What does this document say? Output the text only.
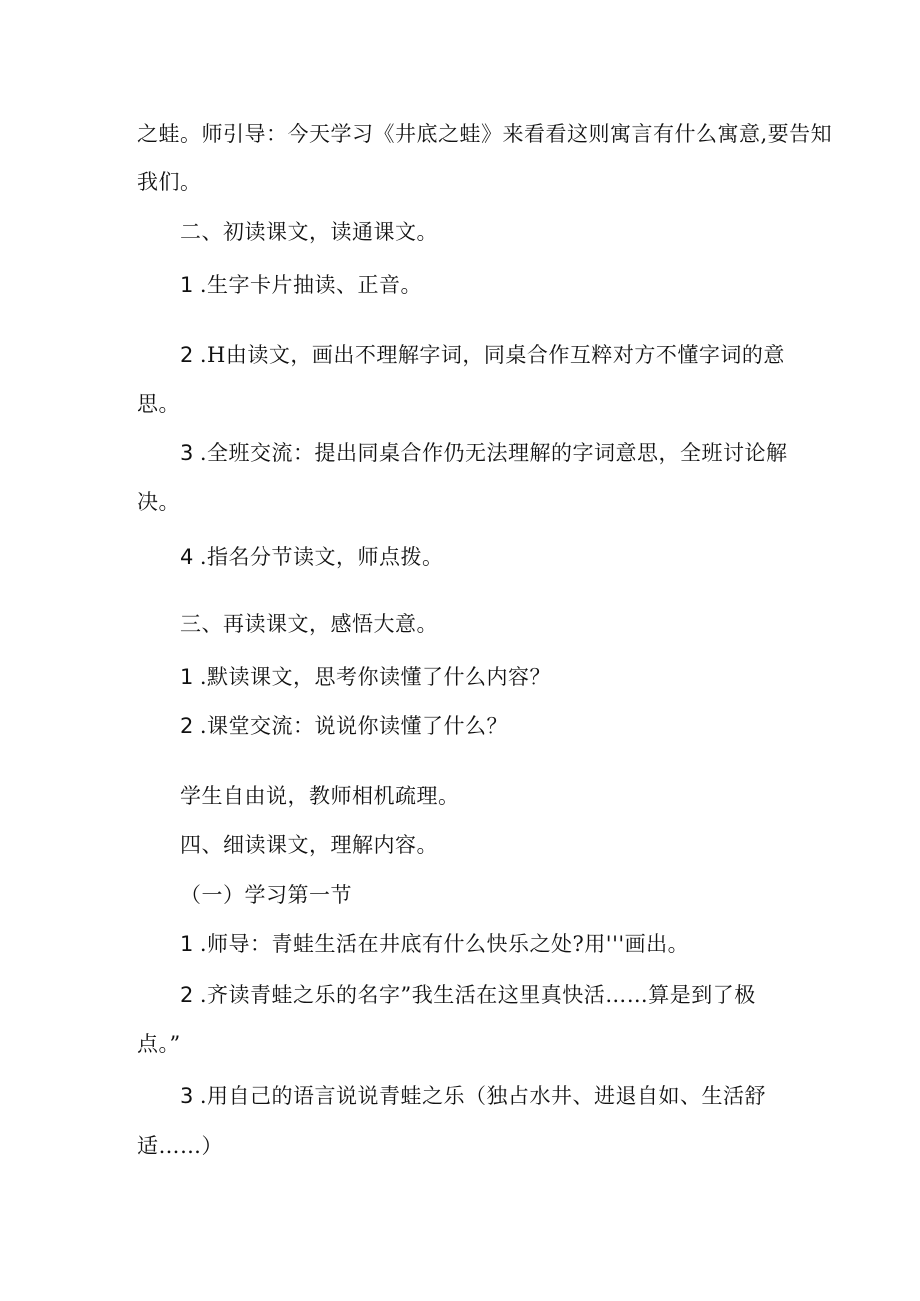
之蛙。师引导：今天学习《井底之蛙》来看看这则寓言有什么寓意,要告知
我们。
二、初读课文，读通课文。
1 .生字卡片抽读、正音。
2 .H由读文，画出不理解字词，同桌合作互粹对方不懂字词的意
思。
3 .全班交流：提出同桌合作仍无法理解的字词意思，全班讨论解
决。
4 .指名分节读文，师点拨。
三、再读课文，感悟大意。
1 .默读课文，思考你读懂了什么内容？
2 .课堂交流：说说你读懂了什么？
学生自由说，教师相机疏理。
四、细读课文，理解内容。
（一）学习第一节
1 .师导：青蛙生活在井底有什么快乐之处?用'''画出。
2 .齐读青蛙之乐的名字”我生活在这里真快活……算是到了极
点。”
3 .用自己的语言说说青蛙之乐（独占水井、进退自如、生活舒
适……）
